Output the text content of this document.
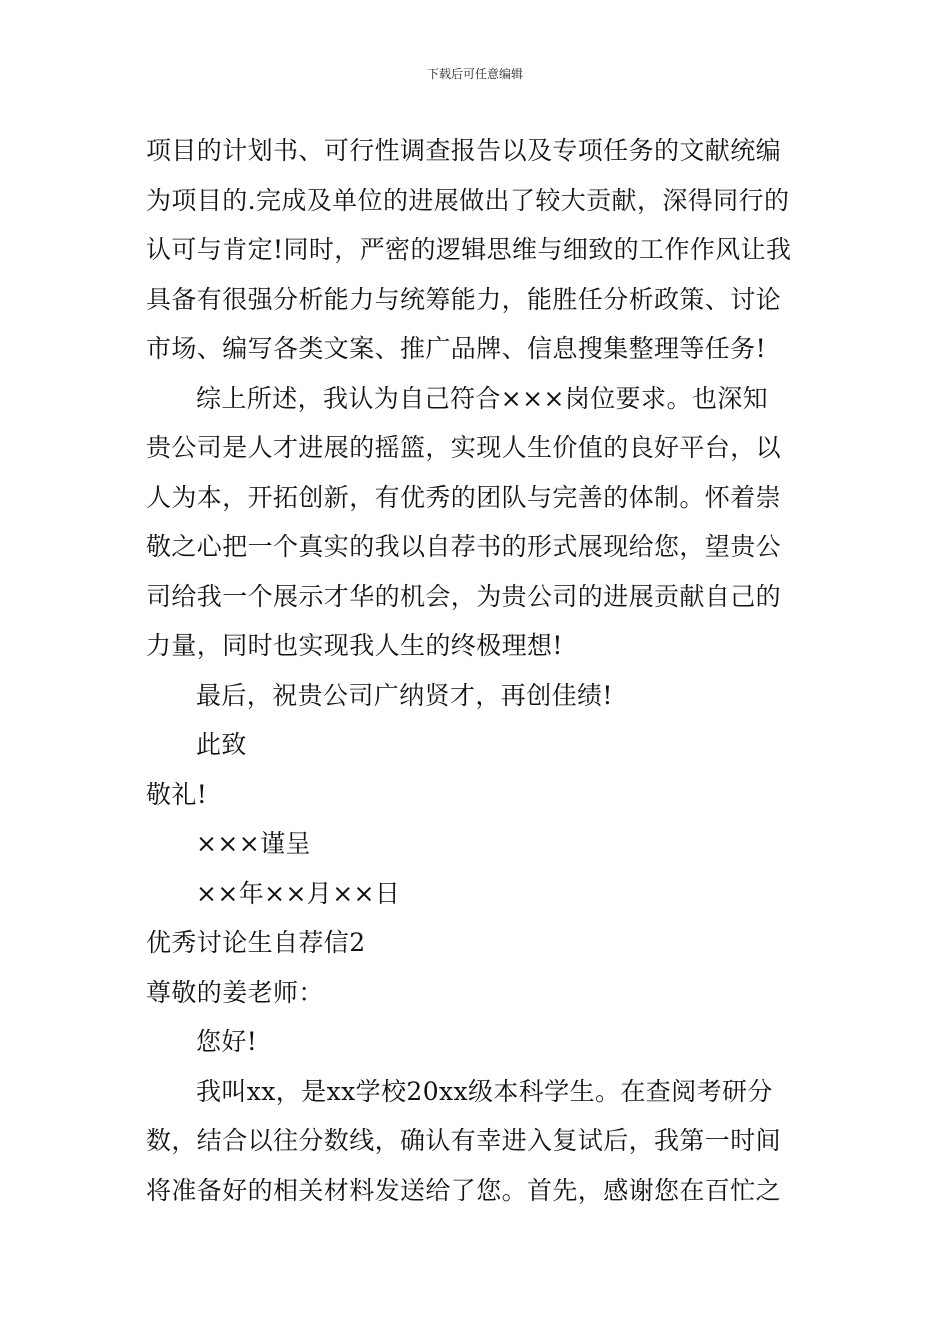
下载后可任意编辑
项目的计划书、可行性调查报告以及专项任务的文献统编
为项目的.完成及单位的进展做出了较大贡献，深得同行的
认可与肯定!同时，严密的逻辑思维与细致的工作作风让我
具备有很强分析能力与统筹能力，能胜任分析政策、讨论
市场、编写各类文案、推广品牌、信息搜集整理等任务!
综上所述，我认为自己符合×××岗位要求。也深知
贵公司是人才进展的摇篮，实现人生价值的良好平台，以
人为本，开拓创新，有优秀的团队与完善的体制。怀着崇
敬之心把一个真实的我以自荐书的形式展现给您，望贵公
司给我一个展示才华的机会，为贵公司的进展贡献自己的
力量，同时也实现我人生的终极理想!
最后，祝贵公司广纳贤才，再创佳绩!
此致
敬礼!
×××谨呈
××年××月××日
优秀讨论生自荐信2
尊敬的姜老师：
您好!
我叫xx，是xx学校20xx级本科学生。在查阅考研分
数，结合以往分数线，确认有幸进入复试后，我第一时间
将准备好的相关材料发送给了您。首先，感谢您在百忙之
